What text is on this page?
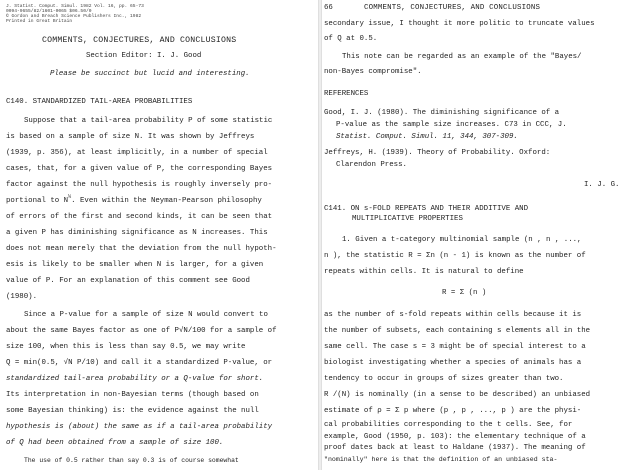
J. Statist. Comput. Simul. 1982 Vol. 16, pp. 65-73
0094-9655/82/1601-0065 $06.50/0
© Gordon and Breach Science Publishers Inc., 1982
Printed in Great Britain
COMMENTS, CONJECTURES, AND CONCLUSIONS
Section Editor: I. J. Good
Please be succinct but lucid and interesting.
C140. STANDARDIZED TAIL-AREA PROBABILITIES
Suppose that a tail-area probability P of some statistic
is based on a sample of size N. It was shown by Jeffreys
(1939, p. 356), at least implicitly, in a number of special
cases, that, for a given value of P, the corresponding Bayes
factor against the null hypothesis is roughly inversely pro-
portional to $N^{\frac{1}{2}}$. Even within the Neyman-Pearson philosophy
of errors of the first and second kinds, it can be seen that
a given P has diminishing significance as N increases. This
does not mean merely that the deviation from the null hypoth-
esis is likely to be smaller when N is larger, for a given
value of P. For an explanation of this comment see Good
(1980).
Since a P-value for a sample of size N would convert to
about the same Bayes factor as one of P√N/100 for a sample of
size 100, when this is less than say 0.5, we may write
Q = min(0.5, √N P/10) and call it a standardized P-value, or
standardized tail-area probability or a Q-value for short.
Its interpretation in non-Bayesian terms (though based on
some Bayesian thinking) is: the evidence against the null
hypothesis is (about) the same as if a tail-area probability
of Q had been obtained from a sample of size 100.
The use of 0.5 rather than say 0.3 is of course somewhat
66	COMMENTS, CONJECTURES, AND CONCLUSIONS
secondary issue, I thought it more politic to truncate values
of Q at 0.5.
This note can be regarded as an example of the "Bayes/
non-Bayes compromise".
REFERENCES
Good, I. J. (1980). The diminishing significance of a
P-value as the sample size increases. C73 in CCC, J.
Statist. Comput. Simul. 11, 344, 307-309.
Jeffreys, H. (1939). Theory of Probability. Oxford:
Clarendon Press.
I. J. G.
C141. ON s-FOLD REPEATS AND THEIR ADDITIVE AND
MULTIPLICATIVE PROPERTIES
1. Given a t-category multinomial sample (n , n , ...,
n ), the statistic R = Σn (n - 1) is known as the number of
repeats within cells. It is natural to define
R = Σ (n )
as the number of s-fold repeats within cells because it is
the number of subsets, each containing s elements all in the
same cell. The case s = 3 might be of special interest to a
biologist investigating whether a species of animals has a
tendency to occur in groups of sizes greater than two.
R /(N) is nominally (in a sense to be described) an unbiased
estimate of ρ = Σ p where (p , p , ..., p ) are the physi-
cal probabilities corresponding to the t cells. See, for
example, Good (1950, p. 103): the elementary technique of a
proof dates back at least to Haldane (1937). The meaning of
"nominally" here is that the definition of an unbiased sta-
